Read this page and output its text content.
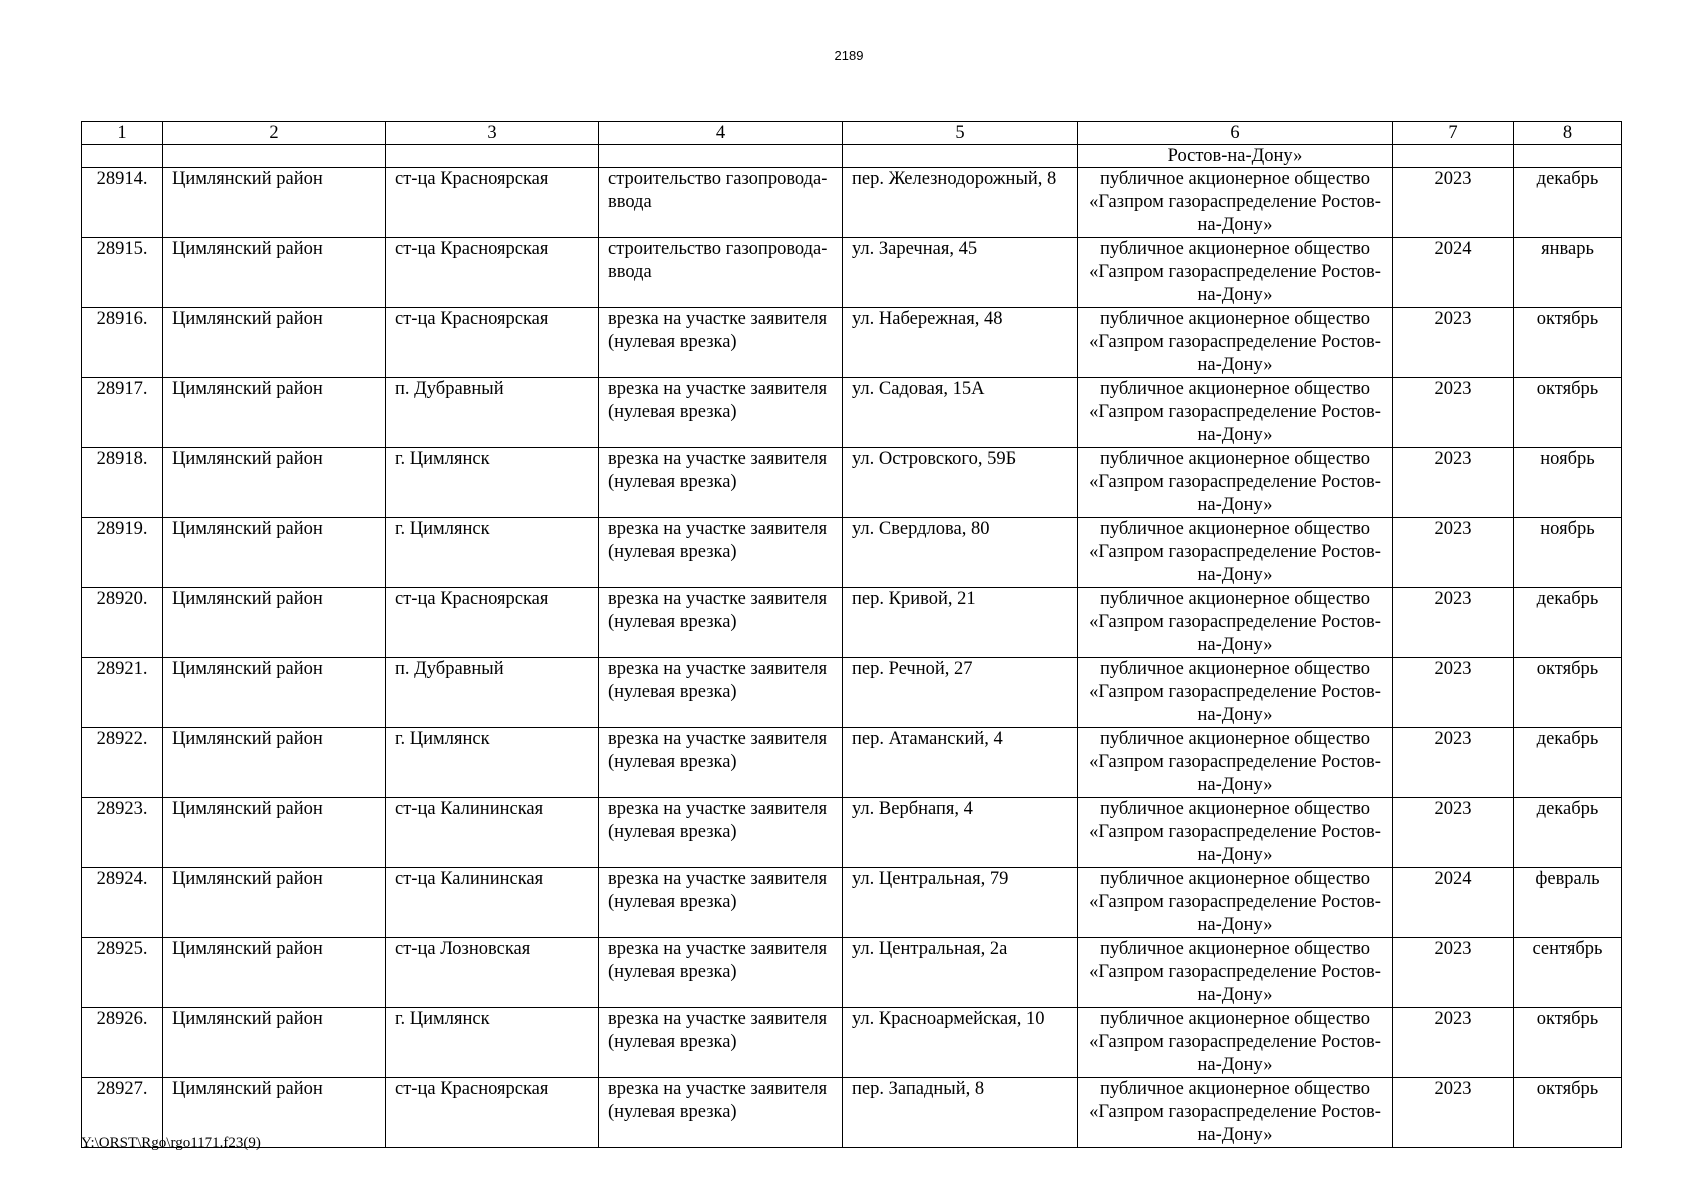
2189
1	2	3	4	5	6	7	8
					Ростов-на-Дону»		
28914.	Цимлянский район	ст-ца Красноярская	строительство газопровода-ввода	пер. Железнодорожный, 8	публичное акционерное общество «Газпром газораспределение Ростов-на-Дону»	2023	декабрь
28915.	Цимлянский район	ст-ца Красноярская	строительство газопровода-ввода	ул. Заречная, 45	публичное акционерное общество «Газпром газораспределение Ростов-на-Дону»	2024	январь
28916.	Цимлянский район	ст-ца Красноярская	врезка на участке заявителя (нулевая врезка)	ул. Набережная, 48	публичное акционерное общество «Газпром газораспределение Ростов-на-Дону»	2023	октябрь
28917.	Цимлянский район	п. Дубравный	врезка на участке заявителя (нулевая врезка)	ул. Садовая, 15А	публичное акционерное общество «Газпром газораспределение Ростов-на-Дону»	2023	октябрь
28918.	Цимлянский район	г. Цимлянск	врезка на участке заявителя (нулевая врезка)	ул. Островского, 59Б	публичное акционерное общество «Газпром газораспределение Ростов-на-Дону»	2023	ноябрь
28919.	Цимлянский район	г. Цимлянск	врезка на участке заявителя (нулевая врезка)	ул. Свердлова, 80	публичное акционерное общество «Газпром газораспределение Ростов-на-Дону»	2023	ноябрь
28920.	Цимлянский район	ст-ца Красноярская	врезка на участке заявителя (нулевая врезка)	пер. Кривой, 21	публичное акционерное общество «Газпром газораспределение Ростов-на-Дону»	2023	декабрь
28921.	Цимлянский район	п. Дубравный	врезка на участке заявителя (нулевая врезка)	пер. Речной, 27	публичное акционерное общество «Газпром газораспределение Ростов-на-Дону»	2023	октябрь
28922.	Цимлянский район	г. Цимлянск	врезка на участке заявителя (нулевая врезка)	пер. Атаманский, 4	публичное акционерное общество «Газпром газораспределение Ростов-на-Дону»	2023	декабрь
28923.	Цимлянский район	ст-ца Калининская	врезка на участке заявителя (нулевая врезка)	ул. Вербнапя, 4	публичное акционерное общество «Газпром газораспределение Ростов-на-Дону»	2023	декабрь
28924.	Цимлянский район	ст-ца Калининская	врезка на участке заявителя (нулевая врезка)	ул. Центральная, 79	публичное акционерное общество «Газпром газораспределение Ростов-на-Дону»	2024	февраль
28925.	Цимлянский район	ст-ца Лозновская	врезка на участке заявителя (нулевая врезка)	ул. Центральная, 2а	публичное акционерное общество «Газпром газораспределение Ростов-на-Дону»	2023	сентябрь
28926.	Цимлянский район	г. Цимлянск	врезка на участке заявителя (нулевая врезка)	ул. Красноармейская, 10	публичное акционерное общество «Газпром газораспределение Ростов-на-Дону»	2023	октябрь
28927.	Цимлянский район	ст-ца Красноярская	врезка на участке заявителя (нулевая врезка)	пер. Западный, 8	публичное акционерное общество «Газпром газораспределение Ростов-на-Дону»	2023	октябрь
Y:\ORST\Rgo\rgo1171.f23(9)
